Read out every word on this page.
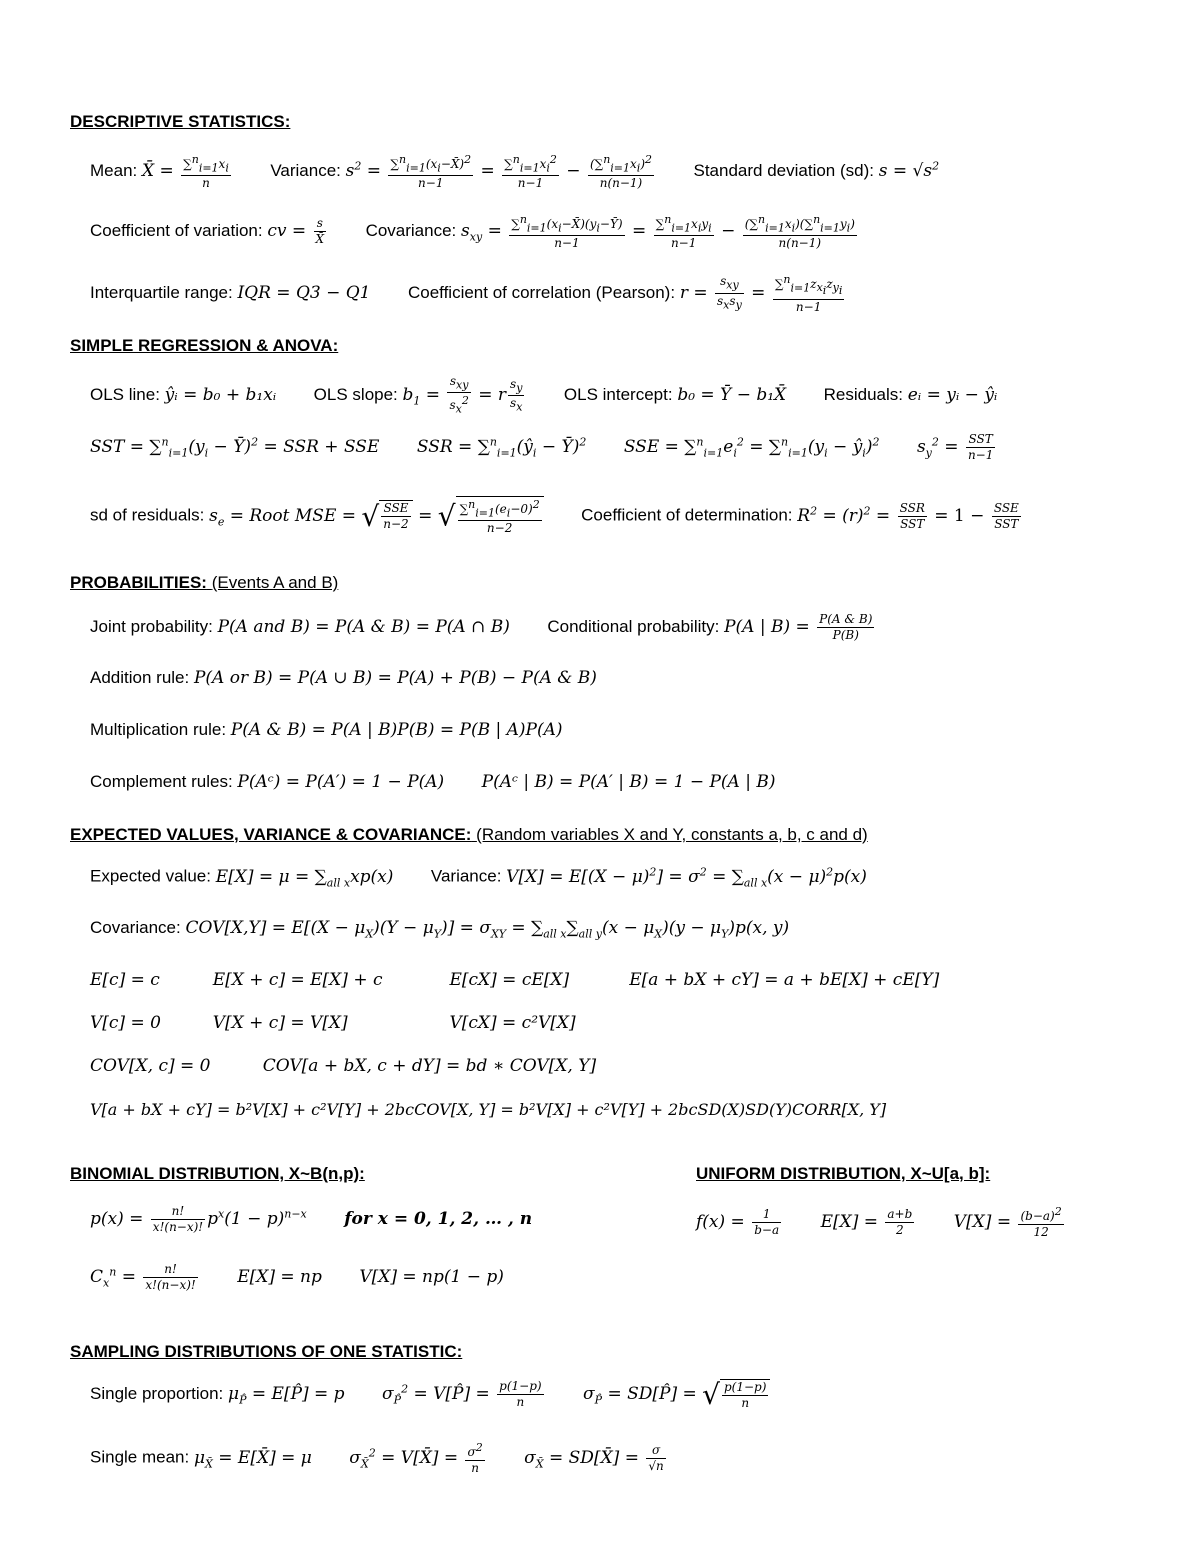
DESCRIPTIVE STATISTICS:
Mean: X̄ = $\frac{\sum^n_{i=1}x_i}{n}$ Variance: $s^2 = \frac{\sum^n_{i=1}(x_i-X̄)^2}{n-1} = \frac{\sum^n_{i=1}x_i^2}{n-1} - \frac{(\sum^n_{i=1}x_i)^2}{n(n-1)}$ Standard deviation (sd): $s = √s^2$
Coefficient of variation: cv = $\frac{s}{X̄}$ Covariance: $s_{xy} = \frac{\sum^n_{i=1}(x_i-X̄)(y_i-Ȳ)}{n-1} = \sum^n_{i=1}x_iy_i$
n−1
− $\frac{(\sum^n_{i=1}x_i)(\sum^n_{i=1}y_i)}{n(n-1)}$
Interquartile range: IQR = Q3 − Q1 Coefficient of correlation (Pearson): r =
$s_{xy}$
$s_xs_y$
= $\sum^n_{i=1}z_{x_i}z_{y_i}$
n−1
SIMPLE REGRESSION & ANOVA:
OLS line: ŷᵢ = b₀ + b₁xᵢ OLS slope: $b_1$ =
$s_{xy}$
$s_x^2 = r \frac{s_y}{s_x}$ OLS intercept: b₀ = Ȳ − b₁X̄ Residuals: eᵢ = yᵢ − ŷᵢ
SST = $\sum^n_{i=1}(y_i$ − Ȳ)$^2$ = SSR + SSE SSR = $\sum^n_{i=1}(ŷ_i$ − Ȳ)$^2$ SSE = $\sum^n_{i=1}e_i^2 = \sum^n_{i=1}(y_i$ − $ŷ_i)^2$ $s_y^2$ = SST
n−1
sd of residuals: $s_e$ = Root MSE = √ SSE
n−2 = √ $\frac{\sum^n_{i=1}(e_i-0)^2}{n-2}$ Coefficient of determination: $R^2 = (r)^2$ = SSR
SST = 1 − SSE
SST
PROBABILITIES: (Events A and B)
Joint probability: P(A and B) = P(A & B) = P(A ∩ B) Conditional probability: P(A | $B) = \frac{P(A \& B)}{P(B)}$
Addition rule: P(A or B) = P(A ∪ B) = P(A) + P(B) − P(A & B)
Multiplication rule: P(A & B) = P(A | B)P(B) = P(B | A)P(A)
Complement rules: P(Aᶜ) = P(A′) = 1 − P(A) P(Aᶜ | B) = P(A′ | B) = 1 − P(A | B)
EXPECTED VALUES, VARIANCE & COVARIANCE: (Random variables X and Y, constants a, b, c and d)
Expected value: $E[X] = \mu = \sum_{all x}xp(x)$ Variance: $V[X] = E[(X - \mu)^2] = \sigma^2 = \sum_{all x}(x - \mu)^2p(x)$
Covariance: $COV[X,Y] = E[(X - \mu_X)(Y - \mu_Y)] = \sigma_{XY} = \sum_{all x}\sum_{all y}(x - \mu_X)(y - \mu_Y)p(x$, y)
E[c] = c	E[X + c] = E[X] + c	E[cX] = cE[X]	E[a + bX + cY] = a + bE[X] + cE[Y]
V[c] = 0	V[X + c] = V[X]	V[cX] = c²V[X]
COV[X, c] = 0	COV[a + bX, c + dY] = bd ∗ COV[X, Y]
V[a + bX + cY] = b²V[X] + c²V[Y] + 2bcCOV[X, Y] = b²V[X] + c²V[Y] + 2bcSD(X)SD(Y)CORR[X, Y]
BINOMIAL DISTRIBUTION, X~B(n,p):	UNIFORM DISTRIBUTION, X~U[a, b]:
$p(x) = \frac{n!}{x!(n-x)!} p^x(1 - p)^{n-x}$ for x = 0, 1, 2, … , n	$f(x) = \frac{1}{b-a} E[X] = \frac{a+b}{2} V[X] = \frac{(b-a)^2}{12}$
$C_x^n = \frac{n!}{x!(n-x)!} E[X]$ = np V[X] = np(1 − p)
SAMPLING DISTRIBUTIONS OF ONE STATISTIC:
Single proportion: $\mu_{P̂}$ = E[P̂] = p $\sigma_{P̂}^2$ = V[P̂] = $\frac{p(1-p)}{n} \sigma_{P̂}$ = SD[P̂] = √ $\frac{p(1-p)}{n}$
Single mean: $\mu_{X̄}$ = E[X̄] = μ $\sigma_{X̄}^2$ = V[X̄] = $\frac{\sigma^2}{n} \sigma_{X̄}$ = SD[X̄] = $\frac{\sigma}{√n}$
